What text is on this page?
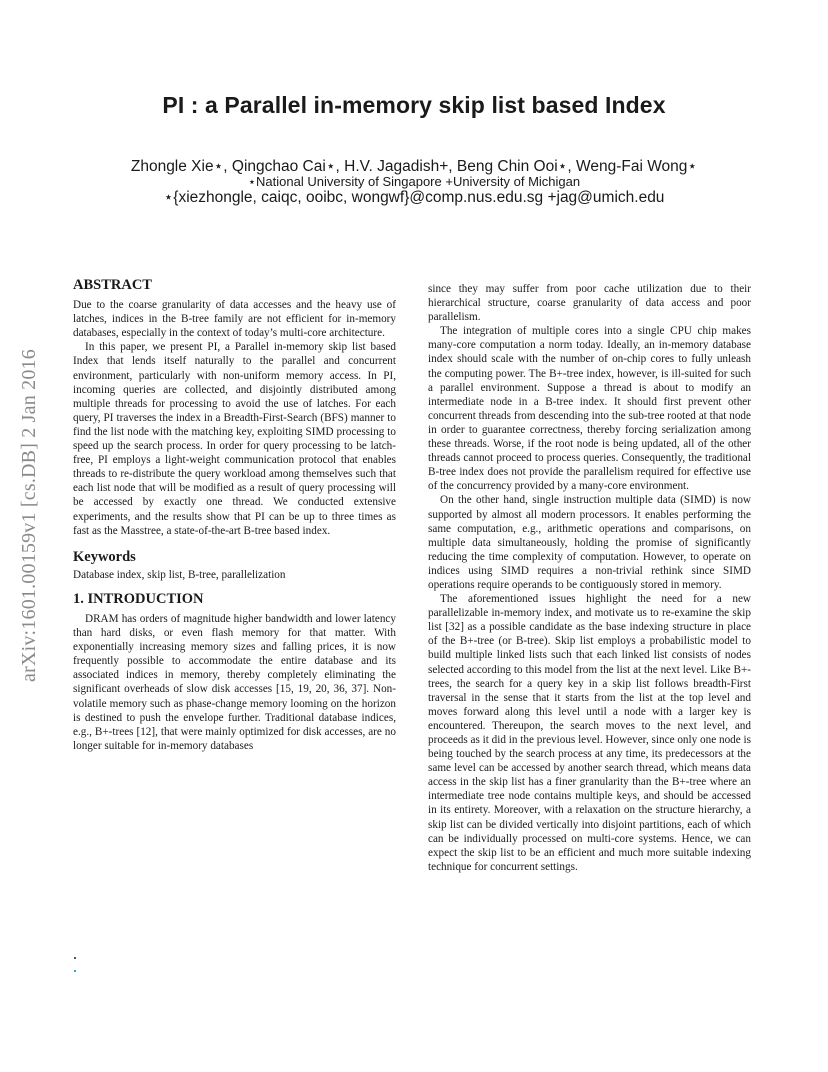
PI : a Parallel in-memory skip list based Index
Zhongle Xie⋆, Qingchao Cai⋆, H.V. Jagadish+, Beng Chin Ooi⋆, Weng-Fai Wong⋆
⋆National University of Singapore +University of Michigan
⋆{xiezhongle, caiqc, ooibc, wongwf}@comp.nus.edu.sg +jag@umich.edu
arXiv:1601.00159v1 [cs.DB] 2 Jan 2016
ABSTRACT

Due to the coarse granularity of data accesses and the heavy use of latches, indices in the B-tree family are not efficient for in-memory databases, especially in the context of today’s multi-core architecture.

In this paper, we present PI, a Parallel in-memory skip list based Index that lends itself naturally to the parallel and concurrent environment, particularly with non-uniform memory access. In PI, incoming queries are collected, and disjointly distributed among multiple threads for processing to avoid the use of latches. For each query, PI traverses the index in a Breadth-First-Search (BFS) manner to find the list node with the matching key, exploiting SIMD processing to speed up the search process. In order for query processing to be latch-free, PI employs a light-weight communication protocol that enables threads to re-distribute the query workload among themselves such that each list node that will be modified as a result of query processing will be accessed by exactly one thread. We conducted extensive experiments, and the results show that PI can be up to three times as fast as the Masstree, a state-of-the-art B-tree based index.

Keywords

Database index, skip list, B-tree, parallelization

1. INTRODUCTION

DRAM has orders of magnitude higher bandwidth and lower latency than hard disks, or even flash memory for that matter. With exponentially increasing memory sizes and falling prices, it is now frequently possible to accommodate the entire database and its associated indices in memory, thereby completely eliminating the significant overheads of slow disk accesses [15, 19, 20, 36, 37]. Non-volatile memory such as phase-change memory looming on the horizon is destined to push the envelope further. Traditional database indices, e.g., B+-trees [12], that were mainly optimized for disk accesses, are no longer suitable for in-memory databases

since they may suffer from poor cache utilization due to their hierarchical structure, coarse granularity of data access and poor parallelism.

The integration of multiple cores into a single CPU chip makes many-core computation a norm today. Ideally, an in-memory database index should scale with the number of on-chip cores to fully unleash the computing power. The B+-tree index, however, is ill-suited for such a parallel environment. Suppose a thread is about to modify an intermediate node in a B-tree index. It should first prevent other concurrent threads from descending into the sub-tree rooted at that node in order to guarantee correctness, thereby forcing serialization among these threads. Worse, if the root node is being updated, all of the other threads cannot proceed to process queries. Consequently, the traditional B-tree index does not provide the parallelism required for effective use of the concurrency provided by a many-core environment.

On the other hand, single instruction multiple data (SIMD) is now supported by almost all modern processors. It enables performing the same computation, e.g., arithmetic operations and comparisons, on multiple data simultaneously, holding the promise of significantly reducing the time complexity of computation. However, to operate on indices using SIMD requires a non-trivial rethink since SIMD operations require operands to be contiguously stored in memory.

The aforementioned issues highlight the need for a new parallelizable in-memory index, and motivate us to re-examine the skip list [32] as a possible candidate as the base indexing structure in place of the B+-tree (or B-tree). Skip list employs a probabilistic model to build multiple linked lists such that each linked list consists of nodes selected according to this model from the list at the next level. Like B+-trees, the search for a query key in a skip list follows breadth-First traversal in the sense that it starts from the list at the top level and moves forward along this level until a node with a larger key is encountered. Thereupon, the search moves to the next level, and proceeds as it did in the previous level. However, since only one node is being touched by the search process at any time, its predecessors at the same level can be accessed by another search thread, which means data access in the skip list has a finer granularity than the B+-tree where an intermediate tree node contains multiple keys, and should be accessed in its entirety. Moreover, with a relaxation on the structure hierarchy, a skip list can be divided vertically into disjoint partitions, each of which can be individually processed on multi-core systems. Hence, we can expect the skip list to be an efficient and much more suitable indexing technique for concurrent settings.
